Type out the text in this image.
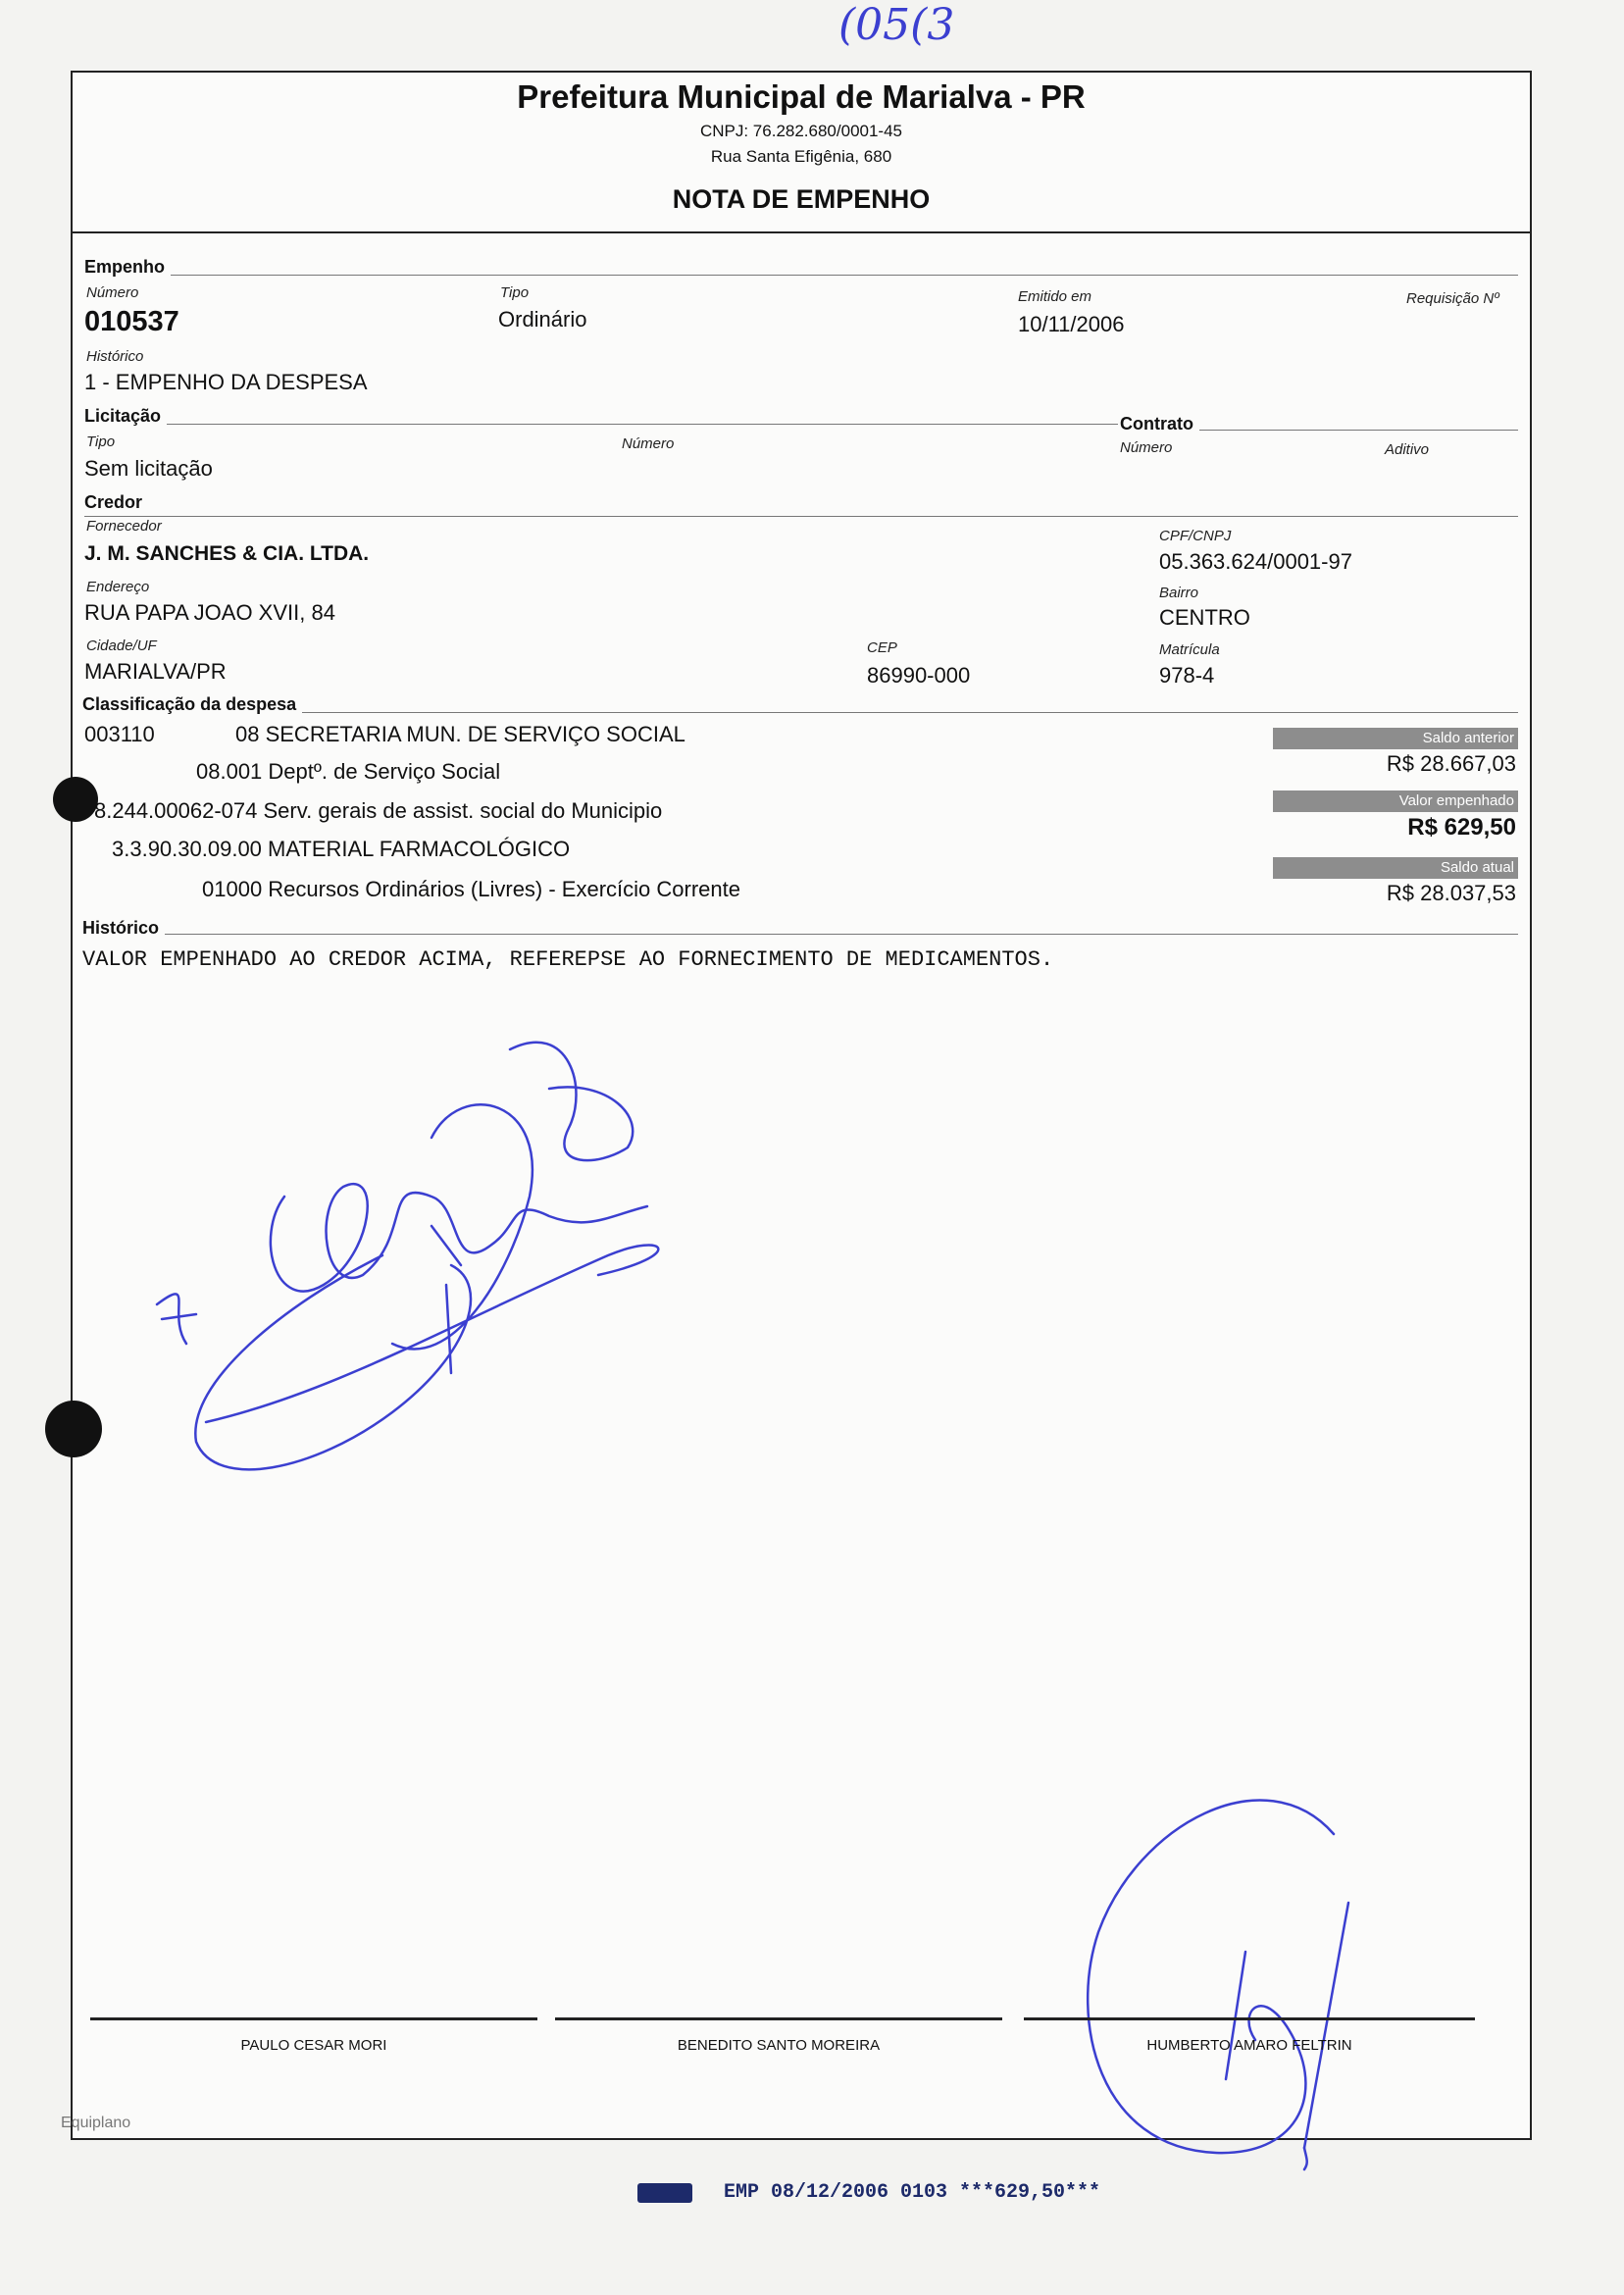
(05(3
Prefeitura Municipal de Marialva - PR
CNPJ: 76.282.680/0001-45
Rua Santa Efigênia, 680
NOTA DE EMPENHO
Empenho
Número
010537
Tipo
Ordinário
Emitido em
10/11/2006
Requisição Nº
Histórico
1 - EMPENHO DA DESPESA
Licitação
Tipo
Sem licitação
Número
Contrato
Número	Aditivo
Credor
Fornecedor
J. M. SANCHES & CIA. LTDA.
CPF/CNPJ
05.363.624/0001-97
Endereço
RUA PAPA JOAO XVII, 84
Bairro
CENTRO
Cidade/UF
MARIALVA/PR
CEP
86990-000
Matrícula
978-4
Classificação da despesa
003110	08 SECRETARIA MUN. DE SERVIÇO SOCIAL
08.001 Deptº. de Serviço Social
8.244.00062-074 Serv. gerais de assist. social do Municipio
3.3.90.30.09.00 MATERIAL FARMACOLÓGICO
01000 Recursos Ordinários (Livres) - Exercício Corrente
Saldo anterior
R$ 28.667,03
Valor empenhado
R$ 629,50
Saldo atual
R$ 28.037,53
Histórico
VALOR EMPENHADO AO CREDOR ACIMA, REFEREPSE AO FORNECIMENTO DE MEDICAMENTOS.
PAULO CESAR MORI	BENEDITO SANTO MOREIRA	HUMBERTO AMARO FELTRIN
Equiplano
EMP 08/12/2006 0103 ***629,50***
